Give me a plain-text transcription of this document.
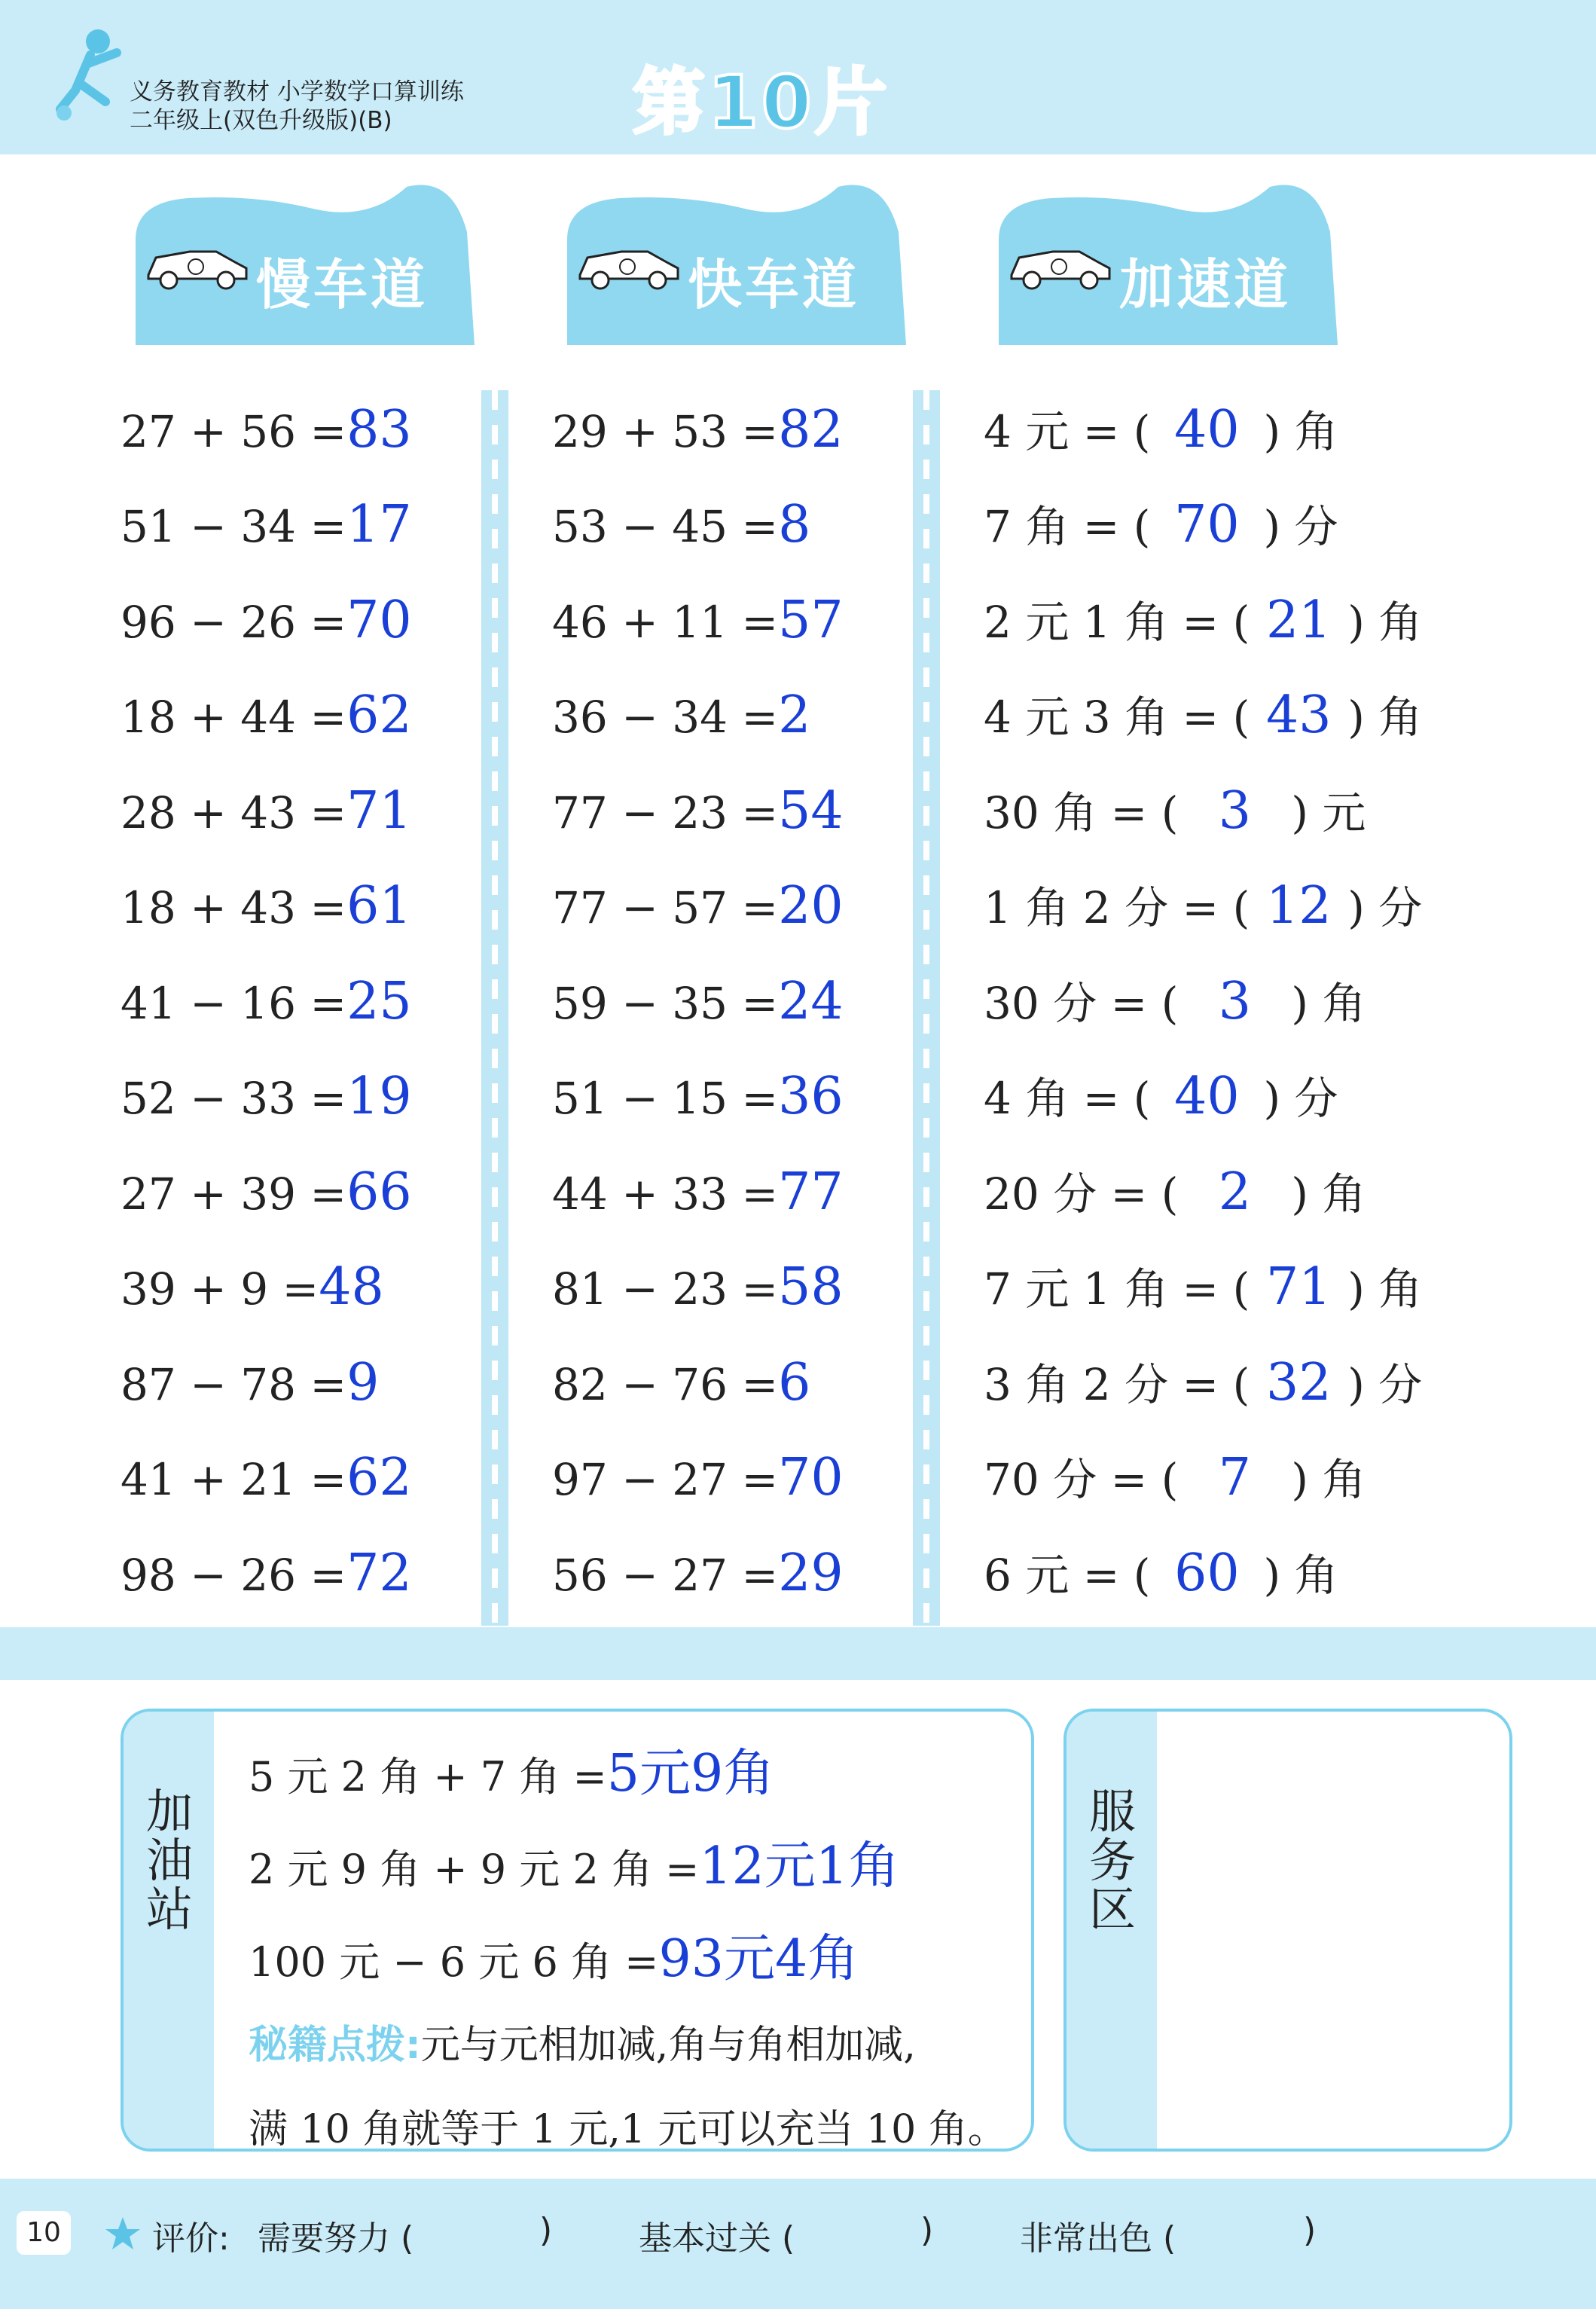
义务教育教材 小学数学口算训练
二年级上(双色升级版)(B)	第10片
慢车道	快车道	加速道
27 + 56 =83
51 − 34 =17
96 − 26 =70
18 + 44 =62
28 + 43 =71
18 + 43 =61
41 − 16 =25
52 − 33 =19
27 + 39 =66
39 + 9 =48
87 − 78 =9
41 + 21 =62
98 − 26 =72
29 + 53 =82
53 − 45 =8
46 + 11 =57
36 − 34 =2
77 − 23 =54
77 − 57 =20
59 − 35 =24
51 − 15 =36
44 + 33 =77
81 − 23 =58
82 − 76 =6
97 − 27 =70
56 − 27 =29
4 元 = ( 40 ) 角
7 角 = ( 70 ) 分
2 元 1 角 = ( 21 ) 角
4 元 3 角 = ( 43 ) 角
30 角 = ( 3 ) 元
1 角 2 分 = ( 12 ) 分
30 分 = ( 3 ) 角
4 角 = ( 40 ) 分
20 分 = ( 2 ) 角
7 元 1 角 = ( 71 ) 角
3 角 2 分 = ( 32 ) 分
70 分 = ( 7 ) 角
6 元 = ( 60 ) 角
加油站
5 元 2 角 + 7 角 =5元9角
2 元 9 角 + 9 元 2 角 =12元1角
100 元 − 6 元 6 角 =93元4角
秘籍点拨:元与元相加减,角与角相加减,
满 10 角就等于 1 元,1 元可以充当 10 角。
服务区
10	评价: 需要努力 (	)	基本过关 (	)	非常出色 (	)
